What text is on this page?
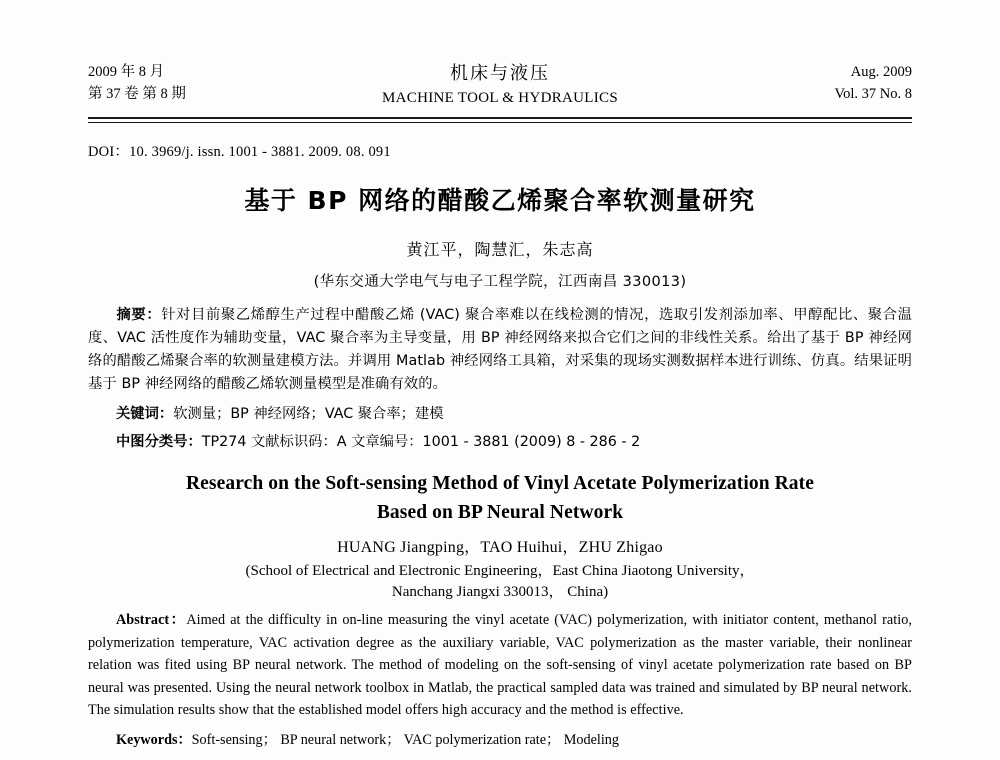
2009 年 8 月
第 37 卷 第 8 期
机床与液压
MACHINE TOOL & HYDRAULICS
Aug. 2009
Vol. 37 No. 8
DOI：10. 3969/j. issn. 1001 - 3881. 2009. 08. 091
基于 BP 网络的醋酸乙烯聚合率软测量研究
黄江平，陶慧汇，朱志高
(华东交通大学电气与电子工程学院，江西南昌 330013)
摘要：针对目前聚乙烯醇生产过程中醋酸乙烯 (VAC) 聚合率难以在线检测的情况，选取引发剂添加率、甲醇配比、聚合温度、VAC 活性度作为辅助变量，VAC 聚合率为主导变量，用 BP 神经网络来拟合它们之间的非线性关系。给出了基于 BP 神经网络的醋酸乙烯聚合率的软测量建模方法。并调用 Matlab 神经网络工具箱，对采集的现场实测数据样本进行训练、仿真。结果证明基于 BP 神经网络的醋酸乙烯软测量模型是准确有效的。
关键词：软测量；BP 神经网络；VAC 聚合率；建模
中图分类号：TP274 文献标识码：A 文章编号：1001 - 3881 (2009) 8 - 286 - 2
Research on the Soft-sensing Method of Vinyl Acetate Polymerization Rate
Based on BP Neural Network
HUANG Jiangping，TAO Huihui，ZHU Zhigao
(School of Electrical and Electronic Engineering，East China Jiaotong University，
Nanchang Jiangxi 330013， China)
Abstract：Aimed at the difficulty in on-line measuring the vinyl acetate (VAC) polymerization, with initiator content, methanol ratio, polymerization temperature, VAC activation degree as the auxiliary variable, VAC polymerization as the master variable, their nonlinear relation was fited using BP neural network. The method of modeling on the soft-sensing of vinyl acetate polymerization rate based on BP neural was presented. Using the neural network toolbox in Matlab, the practical sampled data was trained and simulated by BP neural network. The simulation results show that the established model offers high accuracy and the method is effective.
Keywords：Soft-sensing； BP neural network； VAC polymerization rate； Modeling
